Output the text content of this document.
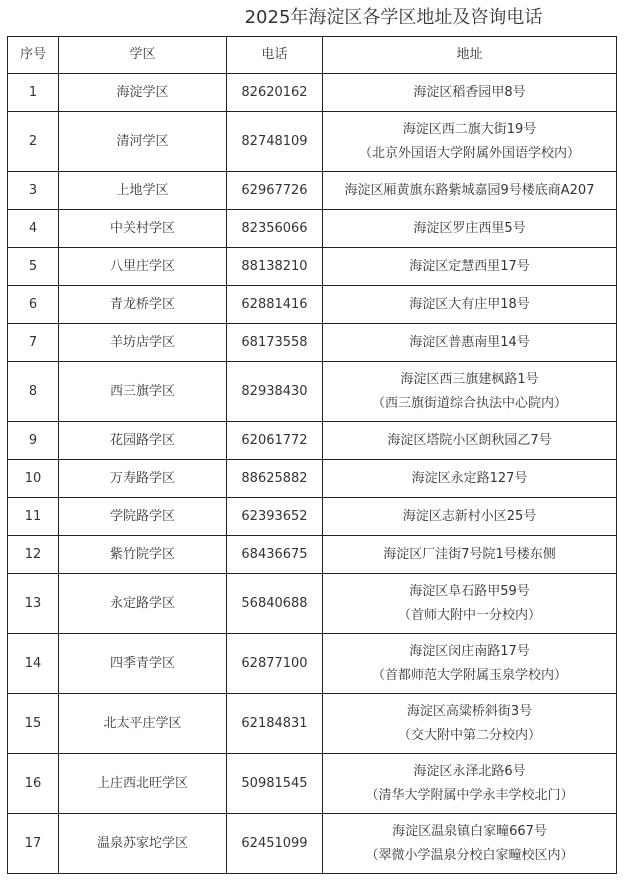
2025年海淀区各学区地址及咨询电话
序号	学区	电话	地址
1	海淀学区	82620162	海淀区稻香园甲8号

2	清河学区	82748109	海淀区西二旗大街19号
（北京外国语大学附属外国语学校内）

3	上地学区	62967726	海淀区厢黄旗东路紫城嘉园9号楼底商A207

4	中关村学区	82356066	海淀区罗庄西里5号

5	八里庄学区	88138210	海淀区定慧西里17号

6	青龙桥学区	62881416	海淀区大有庄甲18号

7	羊坊店学区	68173558	海淀区普惠南里14号

8	西三旗学区	82938430	海淀区西三旗建枫路1号
（西三旗街道综合执法中心院内）

9	花园路学区	62061772	海淀区塔院小区朗秋园乙7号

10	万寿路学区	88625882	海淀区永定路127号

11	学院路学区	62393652	海淀区志新村小区25号

12	紫竹院学区	68436675	海淀区厂洼街7号院1号楼东侧

13	永定路学区	56840688	海淀区阜石路甲59号
（首师大附中一分校内）

14	四季青学区	62877100	海淀区闵庄南路17号
（首都师范大学附属玉泉学校内）

15	北太平庄学区	62184831	海淀区高粱桥斜街3号
（交大附中第二分校内）

16	上庄西北旺学区	50981545	海淀区永泽北路6号
（清华大学附属中学永丰学校北门）

17	温泉苏家坨学区	62451099	海淀区温泉镇白家疃667号
（翠微小学温泉分校白家疃校区内）
